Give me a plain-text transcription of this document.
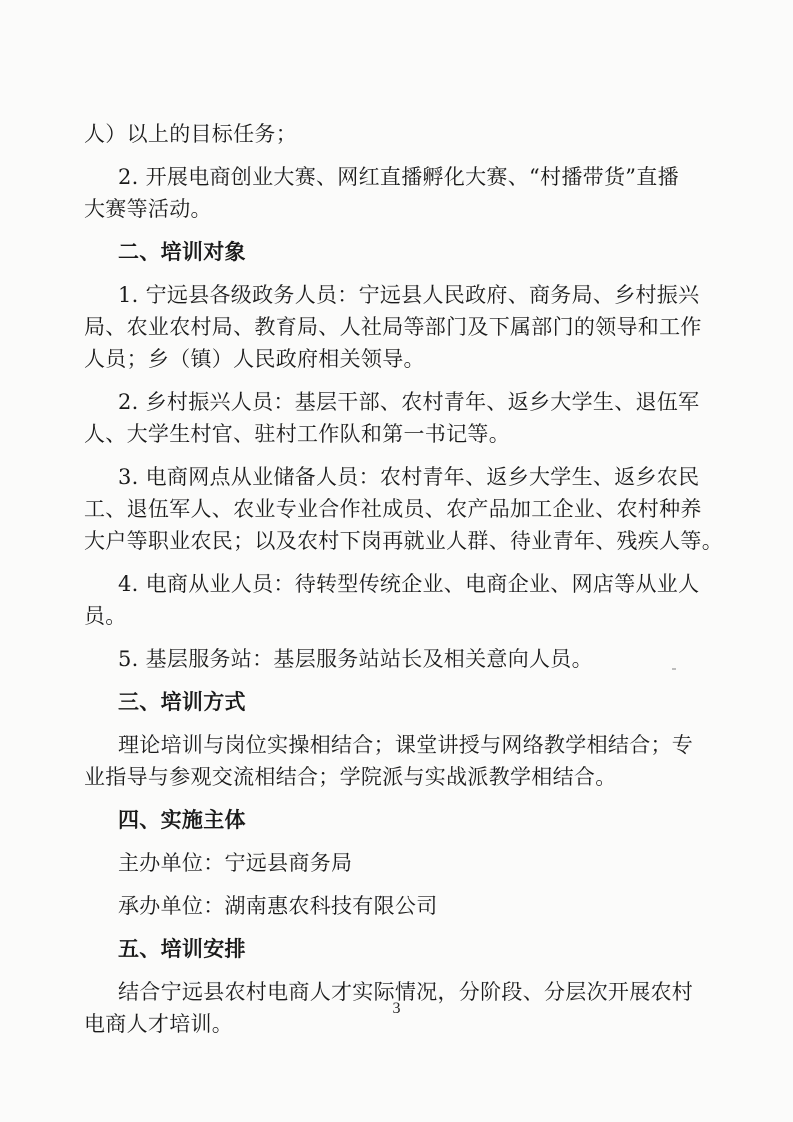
人）以上的目标任务；
2. 开展电商创业大赛、网红直播孵化大赛、“村播带货”直播
大赛等活动。
二、培训对象
1. 宁远县各级政务人员：宁远县人民政府、商务局、乡村振兴
局、农业农村局、教育局、人社局等部门及下属部门的领导和工作
人员；乡（镇）人民政府相关领导。
2. 乡村振兴人员：基层干部、农村青年、返乡大学生、退伍军
人、大学生村官、驻村工作队和第一书记等。
3. 电商网点从业储备人员：农村青年、返乡大学生、返乡农民
工、退伍军人、农业专业合作社成员、农产品加工企业、农村种养
大户等职业农民；以及农村下岗再就业人群、待业青年、残疾人等。
4. 电商从业人员：待转型传统企业、电商企业、网店等从业人
员。
5. 基层服务站：基层服务站站长及相关意向人员。
三、培训方式
理论培训与岗位实操相结合；课堂讲授与网络教学相结合；专
业指导与参观交流相结合；学院派与实战派教学相结合。
四、实施主体
主办单位：宁远县商务局
承办单位：湖南惠农科技有限公司
五、培训安排
结合宁远县农村电商人才实际情况，分阶段、分层次开展农村
电商人才培训。
3
